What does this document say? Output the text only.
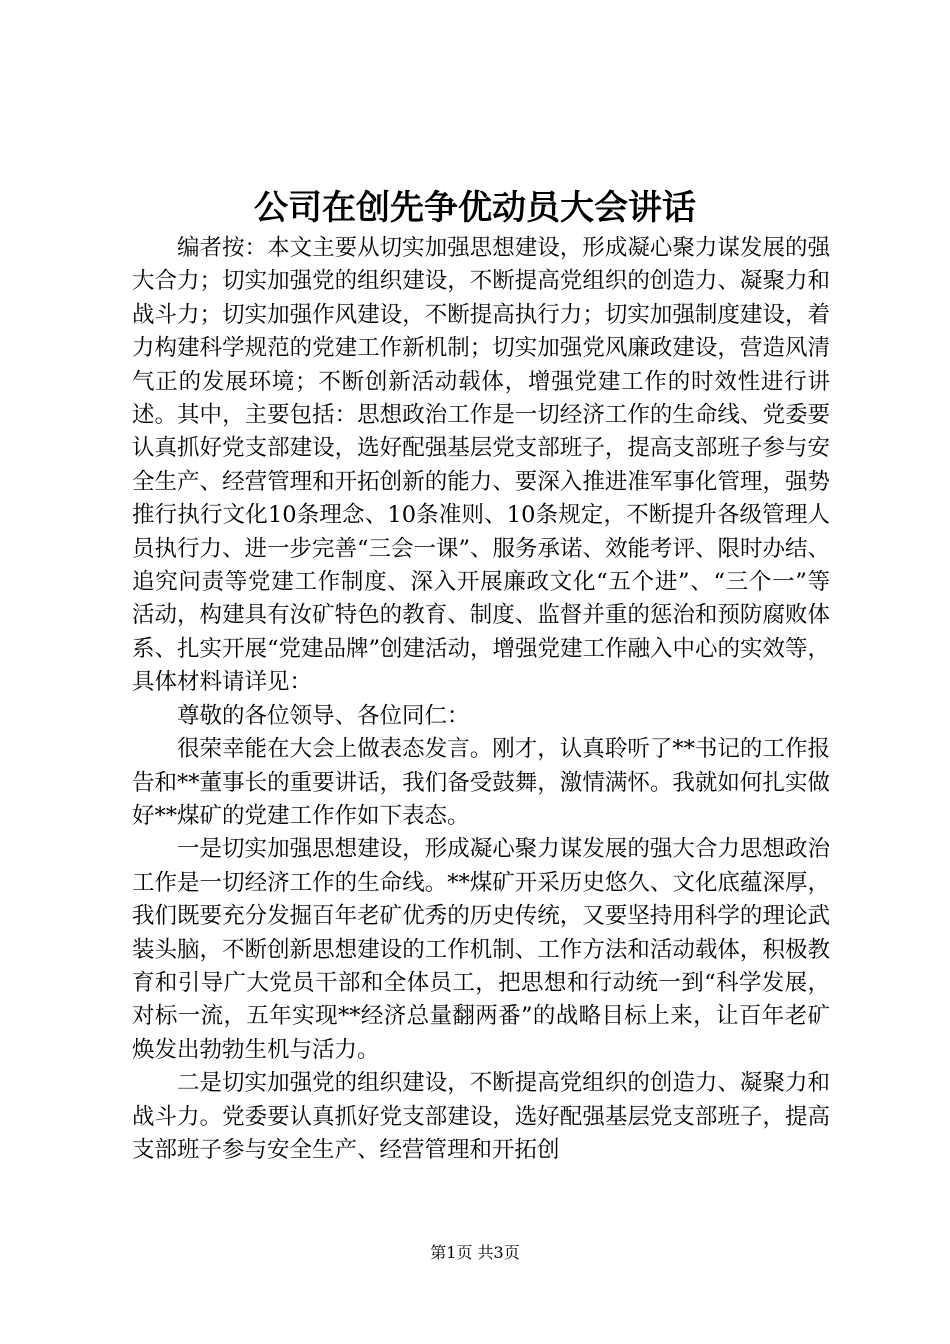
公司在创先争优动员大会讲话

编者按：本文主要从切实加强思想建设，形成凝心聚力谋发展的强大合力；切实加强党的组织建设，不断提高党组织的创造力、凝聚力和战斗力；切实加强作风建设，不断提高执行力；切实加强制度建设，着力构建科学规范的党建工作新机制；切实加强党风廉政建设，营造风清气正的发展环境；不断创新活动载体，增强党建工作的时效性进行讲述。其中，主要包括：思想政治工作是一切经济工作的生命线、党委要认真抓好党支部建设，选好配强基层党支部班子，提高支部班子参与安全生产、经营管理和开拓创新的能力、要深入推进准军事化管理，强势推行执行文化10条理念、10条准则、10条规定，不断提升各级管理人员执行力、进一步完善“三会一课”、服务承诺、效能考评、限时办结、追究问责等党建工作制度、深入开展廉政文化“五个进”、“三个一”等活动，构建具有汝矿特色的教育、制度、监督并重的惩治和预防腐败体系、扎实开展“党建品牌”创建活动，增强党建工作融入中心的实效等，具体材料请详见：

尊敬的各位领导、各位同仁：

很荣幸能在大会上做表态发言。刚才，认真聆听了**书记的工作报告和**董事长的重要讲话，我们备受鼓舞，激情满怀。我就如何扎实做好**煤矿的党建工作作如下表态。

一是切实加强思想建设，形成凝心聚力谋发展的强大合力思想政治工作是一切经济工作的生命线。**煤矿开采历史悠久、文化底蕴深厚，我们既要充分发掘百年老矿优秀的历史传统，又要坚持用科学的理论武装头脑，不断创新思想建设的工作机制、工作方法和活动载体，积极教育和引导广大党员干部和全体员工，把思想和行动统一到“科学发展，对标一流，五年实现**经济总量翻两番”的战略目标上来，让百年老矿焕发出勃勃生机与活力。

二是切实加强党的组织建设，不断提高党组织的创造力、凝聚力和战斗力。党委要认真抓好党支部建设，选好配强基层党支部班子，提高支部班子参与安全生产、经营管理和开拓创

第1页 共3页
